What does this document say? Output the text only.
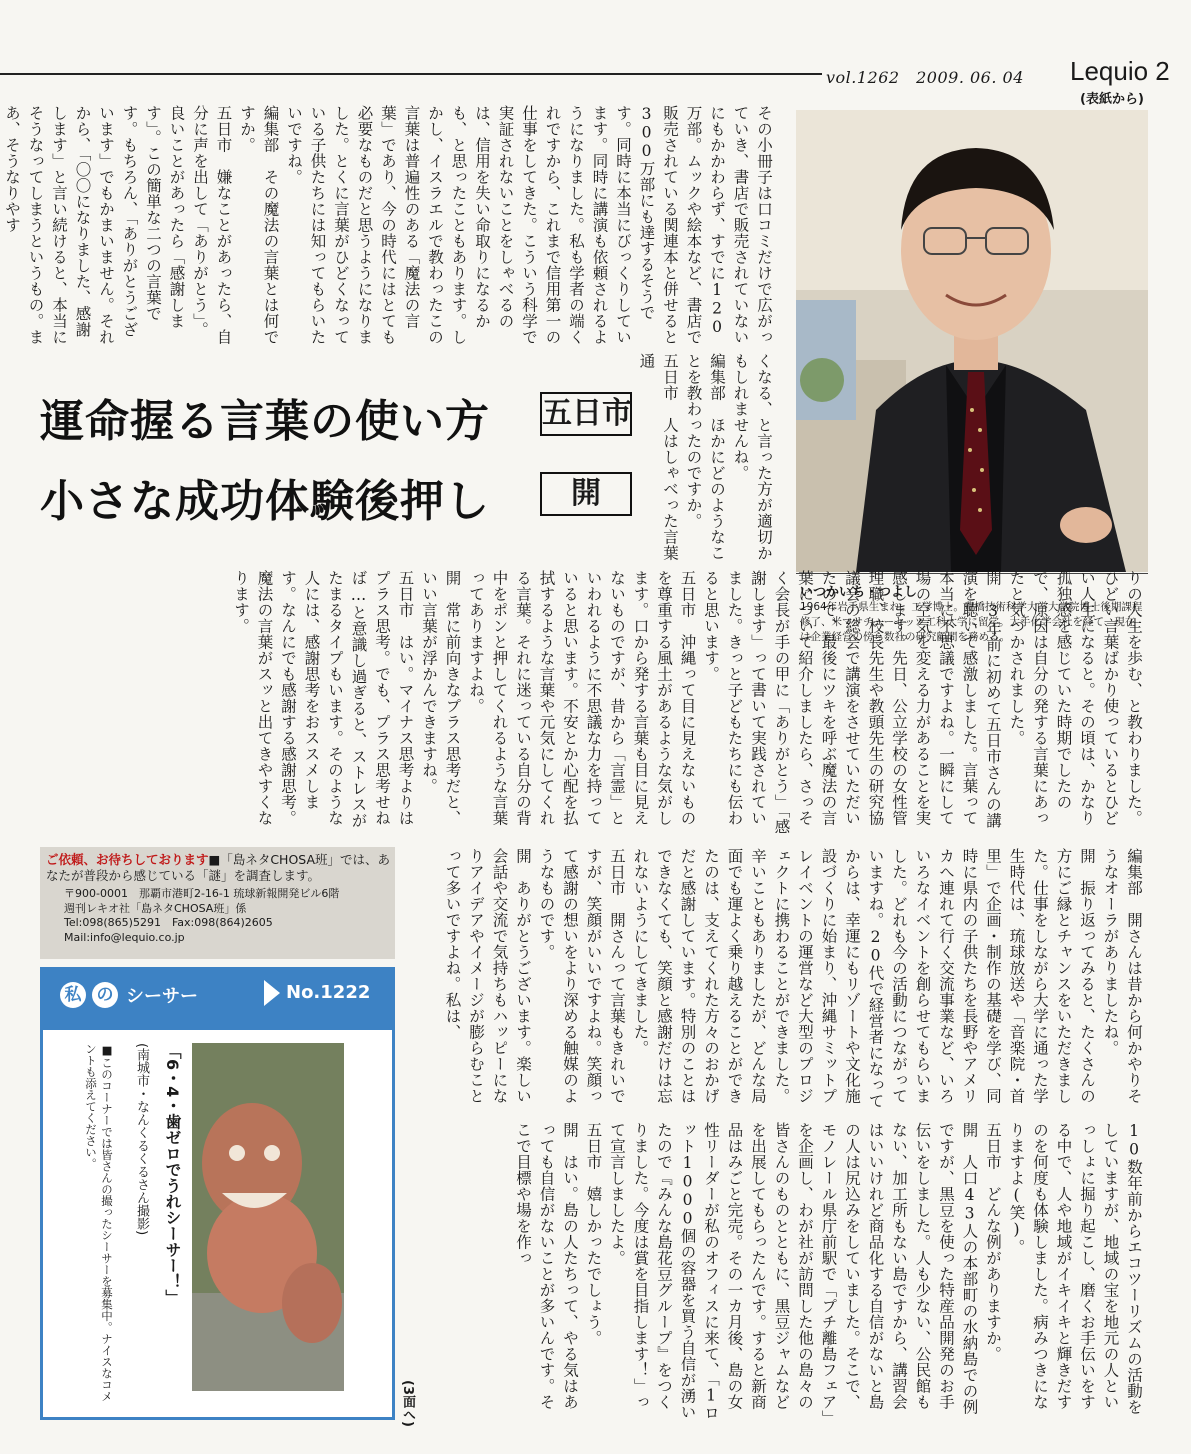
vol.1262　2009. 06. 04 Lequio 2
(表紙から)

その小冊子は口コミだけで広がっていき、書店で販売されていないにもかかわらず、すでに120万部。ムックや絵本など、書店で販売されている関連本と併せると300万部にも達するそうです。同時に本当にびっくりしています。同時に講演も依頼されるようになりました。私も学者の端くれですから、これまで信用第一の仕事をしてきた。こういう科学で実証されないことをしゃべるのは、信用を失い命取りになるかも、と思ったこともあります。しかし、イスラエルで教わったこの言葉は普遍性のある「魔法の言葉」であり、今の時代にはとても必要なものだと思うようになりました。とくに言葉がひどくなっている子供たちには知ってもらいたいですね。

編集部　その魔法の言葉とは何ですか。

五日市　嫌なことがあったら、自分に声を出して「ありがとう」。良いことがあったら「感謝します」。この簡単な二つの言葉です。もちろん、「ありがとうございます」でもかまいません。それから、「〇〇になりました、感謝します」と言い続けると、本当にそうなってしまうというもの。まあ、そうなりやす

くなる、と言った方が適切かもしれませんね。

編集部　ほかにどのようなことを教わったのですか。

五日市　人はしゃべった言葉通

運命握る言葉の使い方 五日市
小さな成功体験後押し	開
いつかいち・つよし
1964年岩手県生まれ。工学博士。豊橋技術科学大学大学院博士後期課程修了、米マサチューセッツ工科大学に留学。大手化学会社を経て、現在は企業経営の傍ら数社の研究顧問を務める。	りの人生を歩む、と教わりました。ひどい言葉ばかり使っているとひどい人生になると。その頃は、かなり孤独感を感じていた時期でしたので、原因は自分の発する言葉にあったと気づかされました。

開　3年前に初めて五日市さんの講演を聴いて感激しました。言葉って本当に不思議ですよね。一瞬にして場の空気を変える力があることを実感します。先日、公立学校の女性管理職、校長先生や教頭先生の研究協議会の総会で講演をさせていただいたので、最後にツキを呼ぶ魔法の言葉について紹介しましたら、さっそく会長が手の甲に「ありがとう」「感謝します」って書いて実践されていました。きっと子どもたちにも伝わると思います。

五日市　沖縄って目に見えないものを尊重する風土があるような気がします。口から発する言葉も目に見えないものですが、昔から「言霊」といわれるように不思議な力を持っていると思います。不安とか心配を払拭するような言葉や元気にしてくれる言葉。それに迷っている自分の背中をポンと押してくれるような言葉ってありますよね。

開　常に前向きなプラス思考だと、いい言葉が浮かんできますね。

五日市　はい。マイナス思考よりはプラス思考。でも、プラス思考せねば…と意識し過ぎると、ストレスがたまるタイプもいます。そのような人には、感謝思考をおススメします。なんにでも感謝する感謝思考。魔法の言葉がスッと出てきやすくなります。

編集部　開さんは昔から何かやりそうなオーラがありましたね。

開　振り返ってみると、たくさんの方にご縁とチャンスをいただきました。仕事をしながら大学に通った学生時代は、琉球放送や「音楽院・首里」で企画・制作の基礎を学び、同時に県内の子供たちを長野やアメリカへ連れて行く交流事業など、いろいろなイベントを創らせてもらいました。どれも今の活動につながっていますね。20代で経営者になってからは、幸運にもリゾートや文化施設づくりに始まり、沖縄サミットプレイベントの運営など大型のプロジェクトに携わることができました。辛いこともありましたが、どんな局面でも運よく乗り越えることができたのは、支えてくれた方々のおかげだと感謝しています。特別のことはできなくても、笑顔と感謝だけは忘れないようにしてきました。

五日市　開さんって言葉もきれいですが、笑顔がいいですよね。笑顔って感謝の想いをより深める触媒のようなものです。

開　ありがとうございます。楽しい会話や交流で気持ちもハッピーになりアイデアやイメージが膨らむことって多いですよね。私は、

10数年前からエコツーリズムの活動をしていますが、地域の宝を地元の人といっしょに掘り起こし、磨くお手伝いをする中で、人や地域がイキイキと輝きだすのを何度も体験しました。病みつきになりますよ(笑)。

五日市　どんな例がありますか。

開　人口43人の本部町の水納島での例ですが、黒豆を使った特産品開発のお手伝いをしました。人も少ない、公民館もない、加工所もない島ですから、講習会はいいけれど商品化する自信がないと島の人は尻込みをしていました。そこで、モノレール県庁前駅で「プチ離島フェア」を企画し、わが社が訪問した他の島々の皆さんのものとともに、黒豆ジャムなどを出展してもらったんです。すると新商品はみごと完売。その一カ月後、島の女性リーダーが私のオフィスに来て、「1ロット1000個の容器を買う自信が湧いたので『みんな島花豆グループ』をつくりました。今度は賞を目指します！」って宣言しましたよ。

五日市　嬉しかったでしょう。

開　はい。島の人たちって、やる気はあっても自信がないことが多いんです。そこで目標や場を作っ

(3面へ)
ご依頼、お待ちしております■「島ネタCHOSA班」では、あなたが普段から感じている「謎」を調査します。
〒900-0001　那覇市港町2-16-1 琉球新報開発ビル6階
週刊レキオ社「島ネタCHOSA班」係
Tel:098(865)5291　Fax:098(864)2605
Mail:info@lequio.co.jp
私 の シーサー	No.1222
「6・4・歯ゼロでうれシーサー！」
(南城市・なんくるくるさん撮影)
■このコーナーでは皆さんの撮ったシーサーを募集中。ナイスなコメントも添えてください。
